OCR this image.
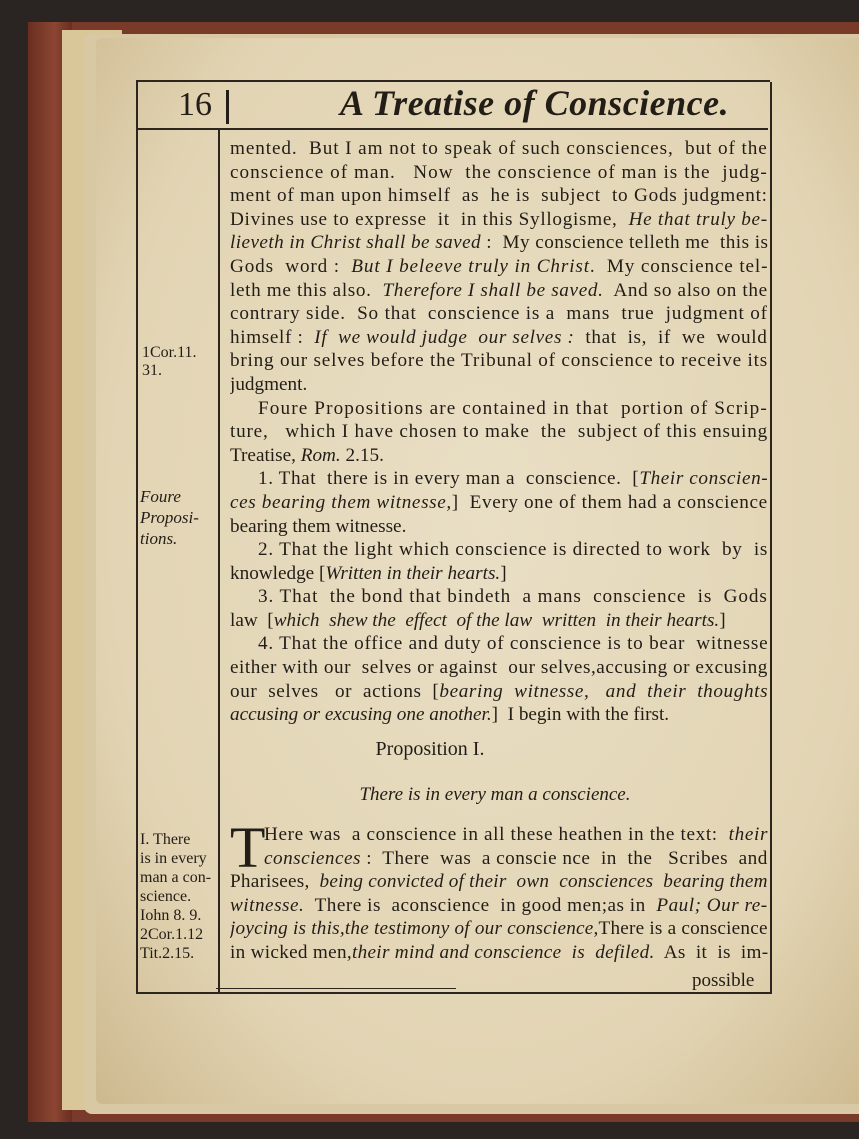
16	A Treatise of Conscience.
1Cor.11.
31.
Foure
Proposi-
tions.
I. There
is in every
man a con-
science.
Iohn 8. 9.
2Cor.1.12
Tit.2.15.
mented.  But I am not to speak of such consciences,  but of the
conscience of man.   Now  the conscience of man is the  judg-
ment of man upon himself  as  he is  subject  to Gods judgment:
Divines use to expresse  it  in this Syllogisme,  He that truly be-
lieveth in Christ shall be saved :  My conscience telleth me  this is
Gods  word :  But I beleeve truly in Christ.  My conscience tel-
leth me this also.  Therefore I shall be saved.  And so also on the
contrary side.  So that  conscience is a  mans  true  judgment of
himself :  If  we would judge  our selves :  that  is,  if  we  would
bring our selves before the Tribunal of conscience to receive its
judgment.
Foure Propositions are contained in that  portion of Scrip-
ture,   which I have chosen to make  the  subject of this ensuing
Treatise, Rom. 2.15.
1. That  there is in every man a  conscience.  [Their conscien-
ces bearing them witnesse,]  Every one of them had a conscience
bearing them witnesse.
2. That the light which conscience is directed to work  by  is
knowledge [Written in their hearts.]
3. That  the bond that bindeth  a mans  conscience  is  Gods
law  [which  shew the  effect  of the law  written  in their hearts.]
4. That the office and duty of conscience is to bear  witnesse
either with our  selves or against  our selves,accusing or excusing
our  selves   or  actions  [bearing  witnesse,   and  their  thoughts
accusing or excusing one another.]  I begin with the first.
Proposition I.
There is in every man a conscience.
T
Here was  a conscience in all these heathen in the text:  their
consciences :  There  was  a conscie nce  in  the   Scribes  and
Pharisees,  being convicted of their  own  consciences  bearing them
witnesse.  There is  aconscience  in good men;as in  Paul; Our re-
joycing is this,the testimony of our conscience,There is a conscience
in wicked men,their mind and conscience  is  defiled.  As  it  is  im-
possible
